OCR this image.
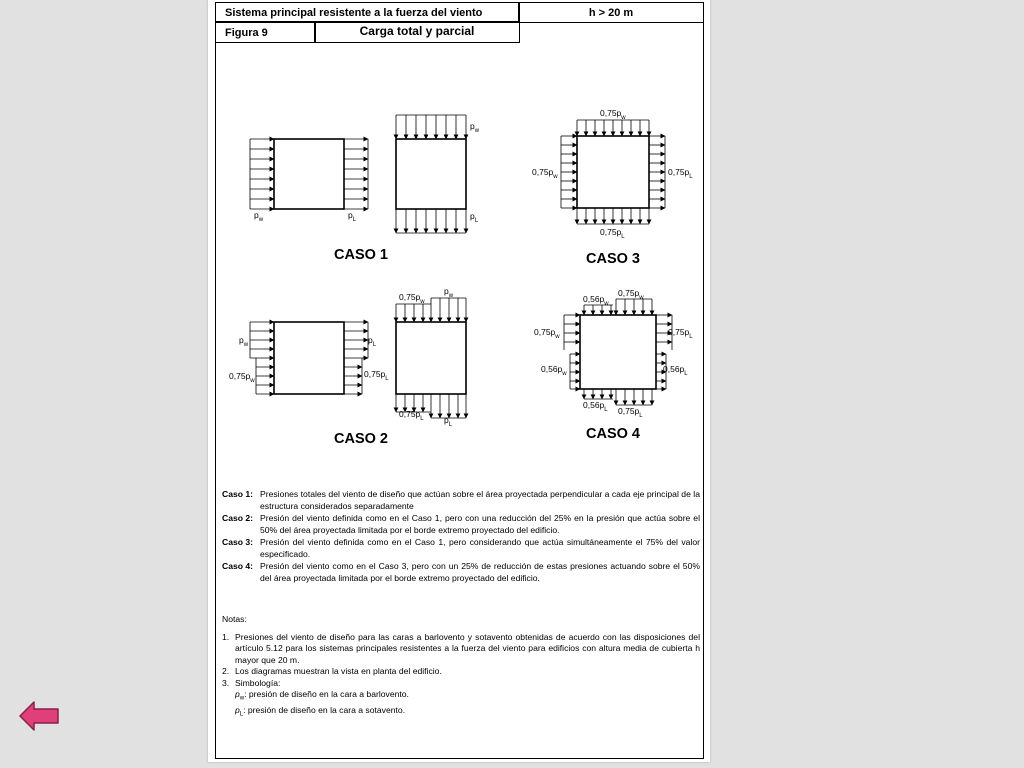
Sistema principal resistente a la fuerza del viento	h > 20 m
Figura 9	Carga total y parcial
$p_w$	$p_L$
$p_w$
$p_L$
CASO 1
$p_w$	$p_L$
$0,75p_w$
$0,75p_L$
$0,75p_w$
$p_w$
$0,75p_L$ $p_L$
CASO 2
$0,75p_w$
$0,75p_w$	$0,75p_L$
$0,75p_L$
CASO 3
$0,56p_w$
$0,75p_w$
$0,75p_w$
$0,56p_w$
$0,75p_L$
$0,56p_L$
$0,56p_L$ $0,75p_L$
CASO 4
Caso 1: Presiones totales del viento de diseño que actúan sobre el área proyectada perpendicular a cada eje principal de la estructura considerados separadamente
Caso 2: Presión del viento definida como en el Caso 1, pero con una reducción del 25% en la presión que actúa sobre el 50% del área proyectada limitada por el borde extremo proyectado del edificio.
Caso 3: Presión del viento definida como en el Caso 1, pero considerando que actúa simultáneamente el 75% del valor especificado.
Caso 4: Presión del viento como en el Caso 3, pero con un 25% de reducción de estas presiones actuando sobre el 50% del área proyectada limitada por el borde extremo proyectado del edificio.
Notas:
1. Presiones del viento de diseño para las caras a barlovento y sotavento obtenidas de acuerdo con las disposiciones del artículo 5.12 para los sistemas principales resistentes a la fuerza del viento para edificios con altura media de cubierta h mayor que 20 m.
2. Los diagramas muestran la vista en planta del edificio.
3. Simbología:
$p_w$: presión de diseño en la cara a barlovento.
$p_L$: presión de diseño en la cara a sotavento.
